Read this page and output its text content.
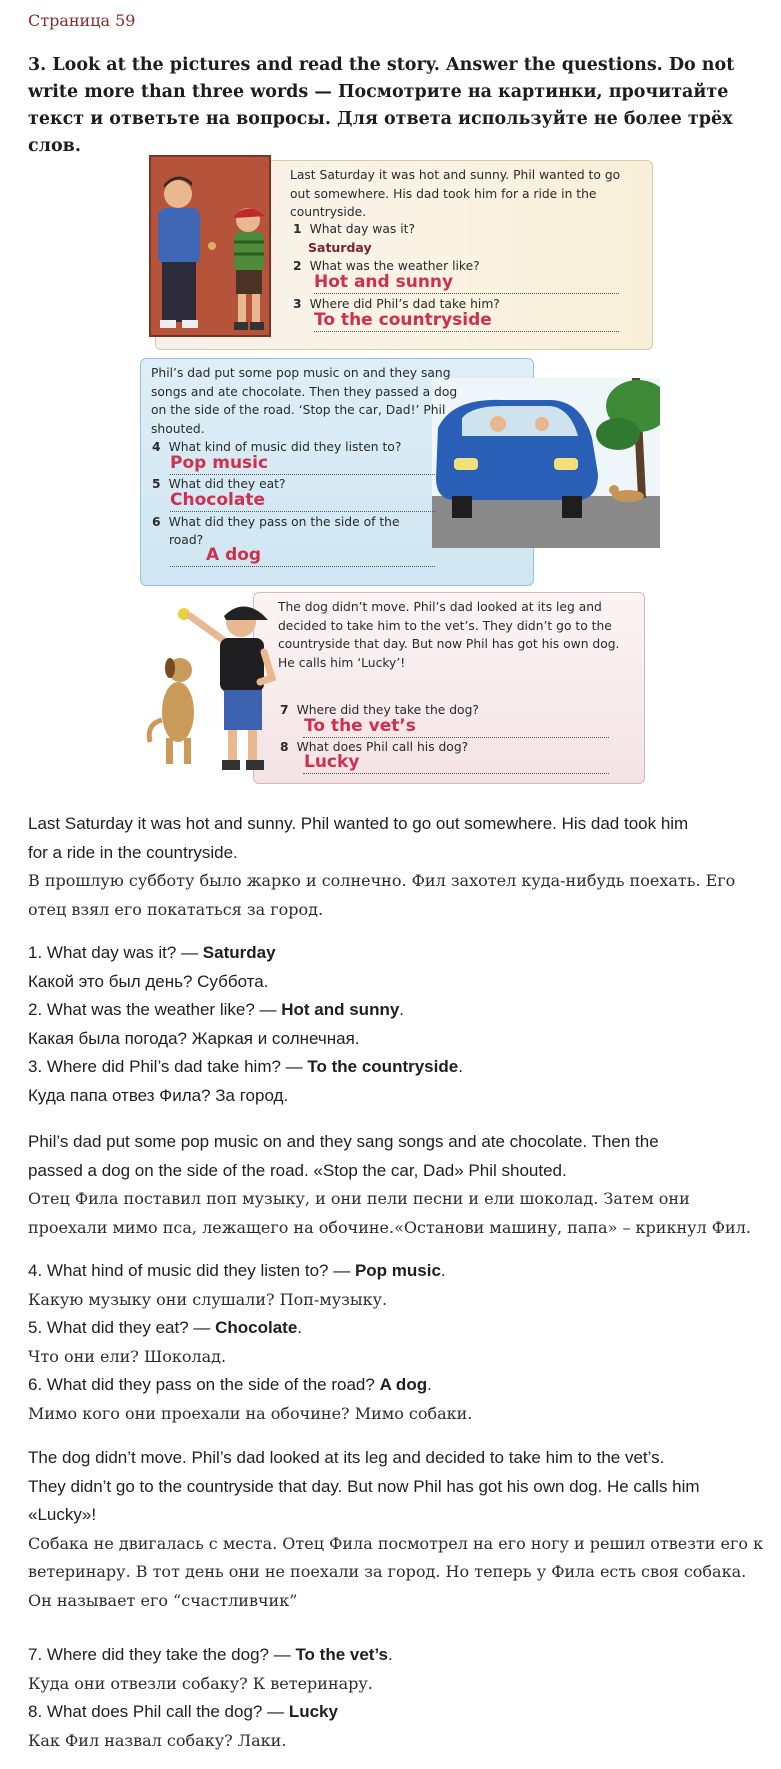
Страница 59
3. Look at the pictures and read the story. Answer the questions. Do not write more than three words — Посмотрите на картинки, прочитайте текст и ответьте на вопросы. Для ответа используйте не более трёх слов.
Last Saturday it was hot and sunny. Phil wanted to go out somewhere. His dad took him for a ride in the countryside.
1 What day was it?
Saturday
2 What was the weather like?
Hot and sunny
3 Where did Phil’s dad take him?
To the countryside
Phil’s dad put some pop music on and they sang songs and ate chocolate. Then they passed a dog on the side of the road. ‘Stop the car, Dad!’ Phil shouted.
4 What kind of music did they listen to?
Pop music
5 What did they eat?
Chocolate
6 What did they pass on the side of the
road?
A dog
The dog didn’t move. Phil’s dad looked at its leg and decided to take him to the vet’s. They didn’t go to the countryside that day. But now Phil has got his own dog. He calls him ‘Lucky’!
7 Where did they take the dog?
To the vet’s
8 What does Phil call his dog?
Lucky
Last Saturday it was hot and sunny. Phil wanted to go out somewhere. His dad took him
for a ride in the countryside.
В прошлую субботу было жарко и солнечно. Фил захотел куда-нибудь поехать. Его
отец взял его покататься за город.
1. What day was it? — Saturday
Какой это был день? Суббота.
2. What was the weather like? — Hot and sunny.
Какая была погода? Жаркая и солнечная.
3. Where did Phil’s dad take him? — To the countryside.
Куда папа отвез Фила? За город.
Phil’s dad put some pop music on and they sang songs and ate chocolate. Then the
passed a dog on the side of the road. «Stop the car, Dad» Phil shouted.
Отец Фила поставил поп музыку, и они пели песни и ели шоколад. Затем они
проехали мимо пса, лежащего на обочине.«Останови машину, папа» – крикнул Фил.
4. What hind of music did they listen to? — Pop music.
Какую музыку они слушали? Поп-музыку.
5. What did they eat? — Chocolate.
Что они ели? Шоколад.
6. What did they pass on the side of the road? A dog.
Мимо кого они проехали на обочине? Мимо собаки.
The dog didn’t move. Phil’s dad looked at its leg and decided to take him to the vet’s.
They didn’t go to the countryside that day. But now Phil has got his own dog. He calls him
«Lucky»!
Собака не двигалась с места. Отец Фила посмотрел на его ногу и решил отвезти его к
ветеринару. В тот день они не поехали за город. Но теперь у Фила есть своя собака.
Он называет его “счастливчик”
7. Where did they take the dog? — To the vet’s.
Куда они отвезли собаку? К ветеринару.
8. What does Phil call the dog? — Lucky
Как Фил назвал собаку? Лаки.
